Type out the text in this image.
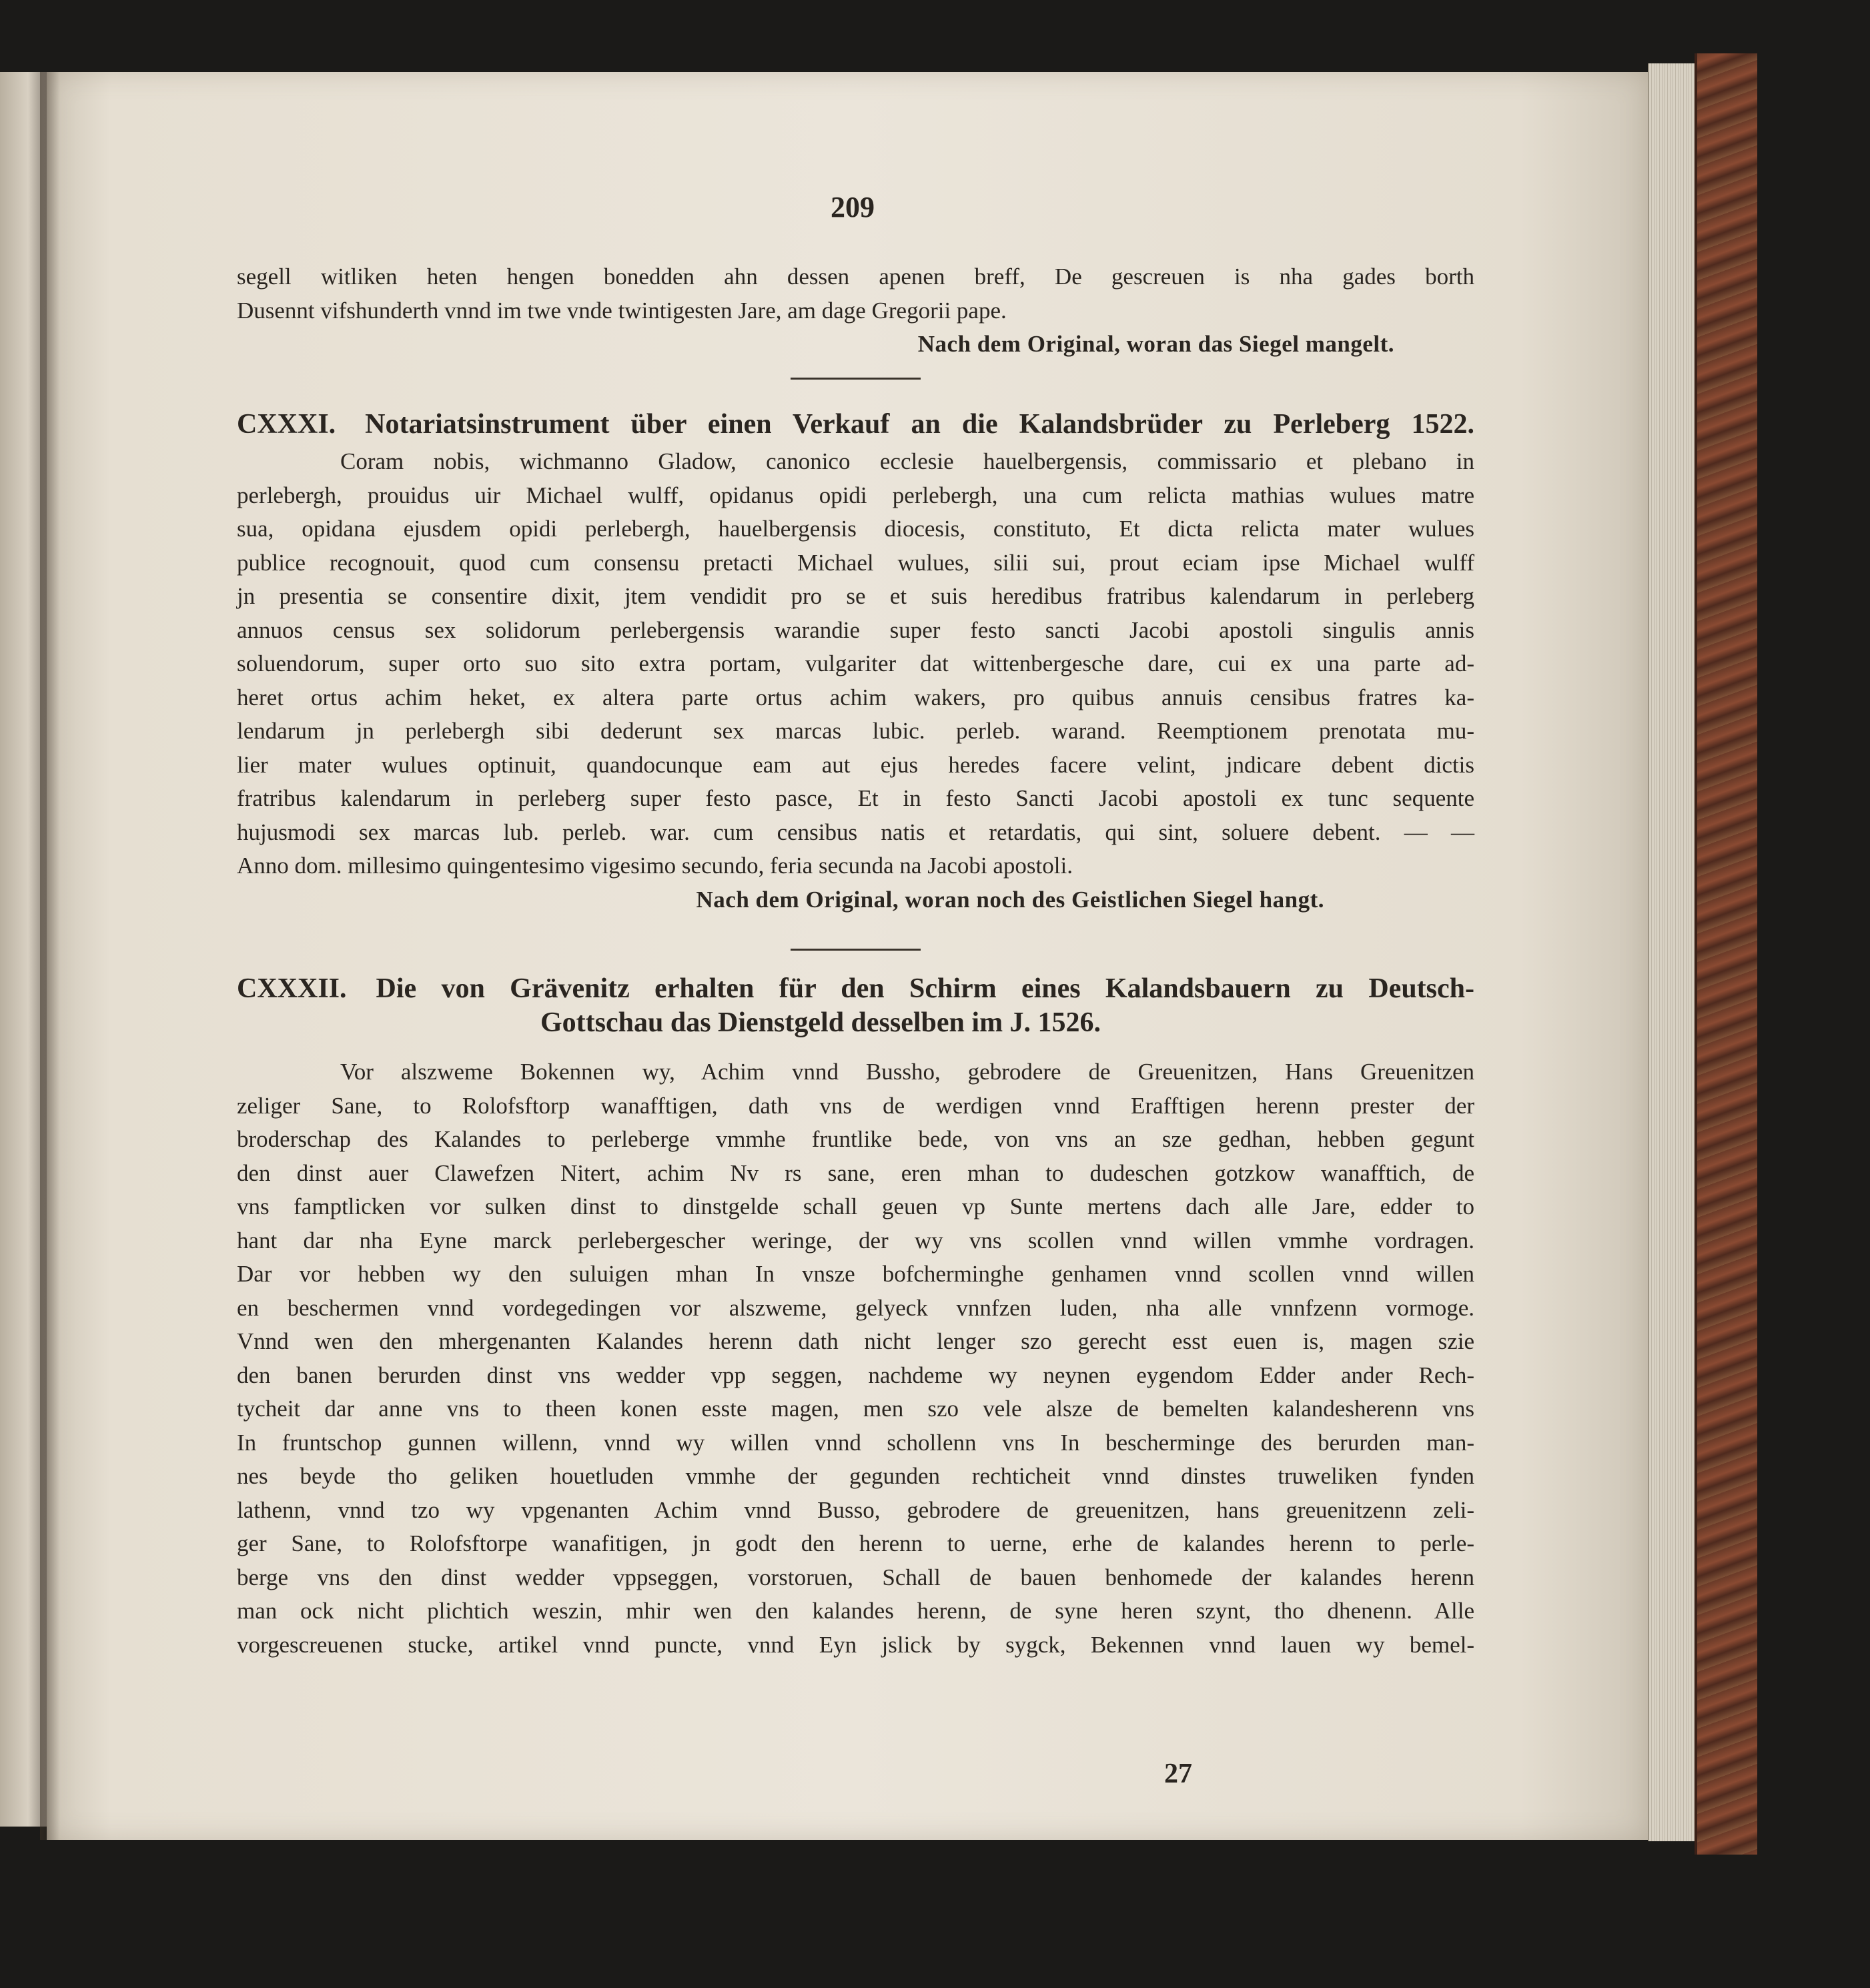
209

segell witliken heten hengen bonedden ahn dessen apenen breff, De gescreuen is nha gades borth

Dusennt vifshunderth vnnd im twe vnde twintigesten Jare, am dage Gregorii pape.

Nach dem Original, woran das Siegel mangelt.

CXXXI. Notariatsinstrument über einen Verkauf an die Kalandsbrüder zu Perleberg 1522.

Coram nobis, wichmanno Gladow, canonico ecclesie hauelbergensis, commissario et plebano in

perlebergh, prouidus uir Michael wulff, opidanus opidi perlebergh, una cum relicta mathias wulues matre

sua, opidana ejusdem opidi perlebergh, hauelbergensis diocesis, constituto, Et dicta relicta mater wulues

publice recognouit, quod cum consensu pretacti Michael wulues, silii sui, prout eciam ipse Michael wulff

jn presentia se consentire dixit, jtem vendidit pro se et suis heredibus fratribus kalendarum in perleberg

annuos census sex solidorum perlebergensis warandie super festo sancti Jacobi apostoli singulis annis

soluendorum, super orto suo sito extra portam, vulgariter dat wittenbergesche dare, cui ex una parte ad-

heret ortus achim heket, ex altera parte ortus achim wakers, pro quibus annuis censibus fratres ka-

lendarum jn perlebergh sibi dederunt sex marcas lubic. perleb. warand. Reemptionem prenotata mu-

lier mater wulues optinuit, quandocunque eam aut ejus heredes facere velint, jndicare debent dictis

fratribus kalendarum in perleberg super festo pasce, Et in festo Sancti Jacobi apostoli ex tunc sequente

hujusmodi sex marcas lub. perleb. war. cum censibus natis et retardatis, qui sint, soluere debent. — —

Anno dom. millesimo quingentesimo vigesimo secundo, feria secunda na Jacobi apostoli.

Nach dem Original, woran noch des Geistlichen Siegel hangt.

CXXXII. Die von Grävenitz erhalten für den Schirm eines Kalandsbauern zu Deutsch-

Gottschau das Dienstgeld desselben im J. 1526.

Vor alszweme Bokennen wy, Achim vnnd Bussho, gebrodere de Greuenitzen, Hans Greuenitzen

zeliger Sane, to Rolofsftorp wanafftigen, dath vns de werdigen vnnd Erafftigen herenn prester der

broderschap des Kalandes to perleberge vmmhe fruntlike bede, von vns an sze gedhan, hebben gegunt

den dinst auer Clawefzen Nitert, achim Nv rs sane, eren mhan to dudeschen gotzkow wanafftich, de

vns famptlicken vor sulken dinst to dinstgelde schall geuen vp Sunte mertens dach alle Jare, edder to

hant dar nha Eyne marck perlebergescher weringe, der wy vns scollen vnnd willen vmmhe vordragen.

Dar vor hebben wy den suluigen mhan In vnsze bofcherminghe genhamen vnnd scollen vnnd willen

en beschermen vnnd vordegedingen vor alszweme, gelyeck vnnfzen luden, nha alle vnnfzenn vormoge.

Vnnd wen den mhergenanten Kalandes herenn dath nicht lenger szo gerecht esst euen is, magen szie

den banen berurden dinst vns wedder vpp seggen, nachdeme wy neynen eygendom Edder ander Rech-

tycheit dar anne vns to theen konen esste magen, men szo vele alsze de bemelten kalandesherenn vns

In fruntschop gunnen willenn, vnnd wy willen vnnd schollenn vns In bescherminge des berurden man-

nes beyde tho geliken houetluden vmmhe der gegunden rechticheit vnnd dinstes truweliken fynden

lathenn, vnnd tzo wy vpgenanten Achim vnnd Busso, gebrodere de greuenitzen, hans greuenitzenn zeli-

ger Sane, to Rolofsftorpe wanafitigen, jn godt den herenn to uerne, erhe de kalandes herenn to perle-

berge vns den dinst wedder vppseggen, vorstoruen, Schall de bauen benhomede der kalandes herenn

man ock nicht plichtich weszin, mhir wen den kalandes herenn, de syne heren szynt, tho dhenenn. Alle

vorgescreuenen stucke, artikel vnnd puncte, vnnd Eyn jslick by sygck, Bekennen vnnd lauen wy bemel-

27
